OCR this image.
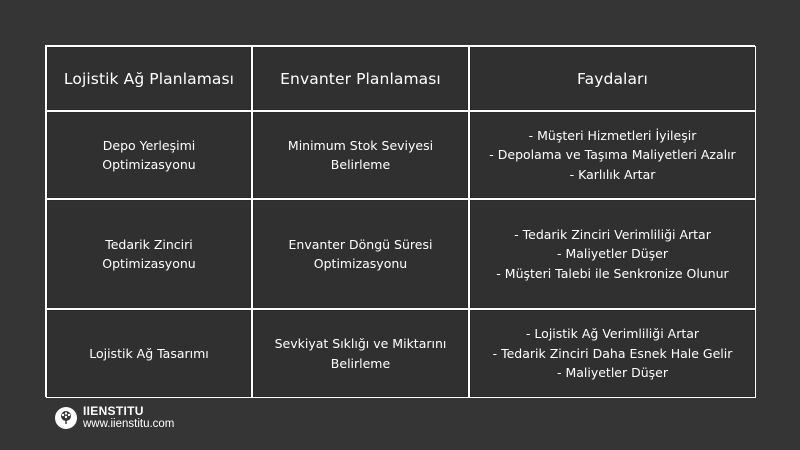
Lojistik Ağ Planlaması	Envanter Planlaması	Faydaları
Depo Yerleşimi
Optimizasyonu
Minimum Stok Seviyesi
Belirleme
- Müşteri Hizmetleri İyileşir
- Depolama ve Taşıma Maliyetleri Azalır
- Karlılık Artar
Tedarik Zinciri
Optimizasyonu
Envanter Döngü Süresi
Optimizasyonu
- Tedarik Zinciri Verimliliği Artar
- Maliyetler Düşer
- Müşteri Talebi ile Senkronize Olunur
Lojistik Ağ Tasarımı
Sevkiyat Sıklığı ve Miktarını
Belirleme
- Lojistik Ağ Verimliliği Artar
- Tedarik Zinciri Daha Esnek Hale Gelir
- Maliyetler Düşer
IIENSTITU
www.iienstitu.com
